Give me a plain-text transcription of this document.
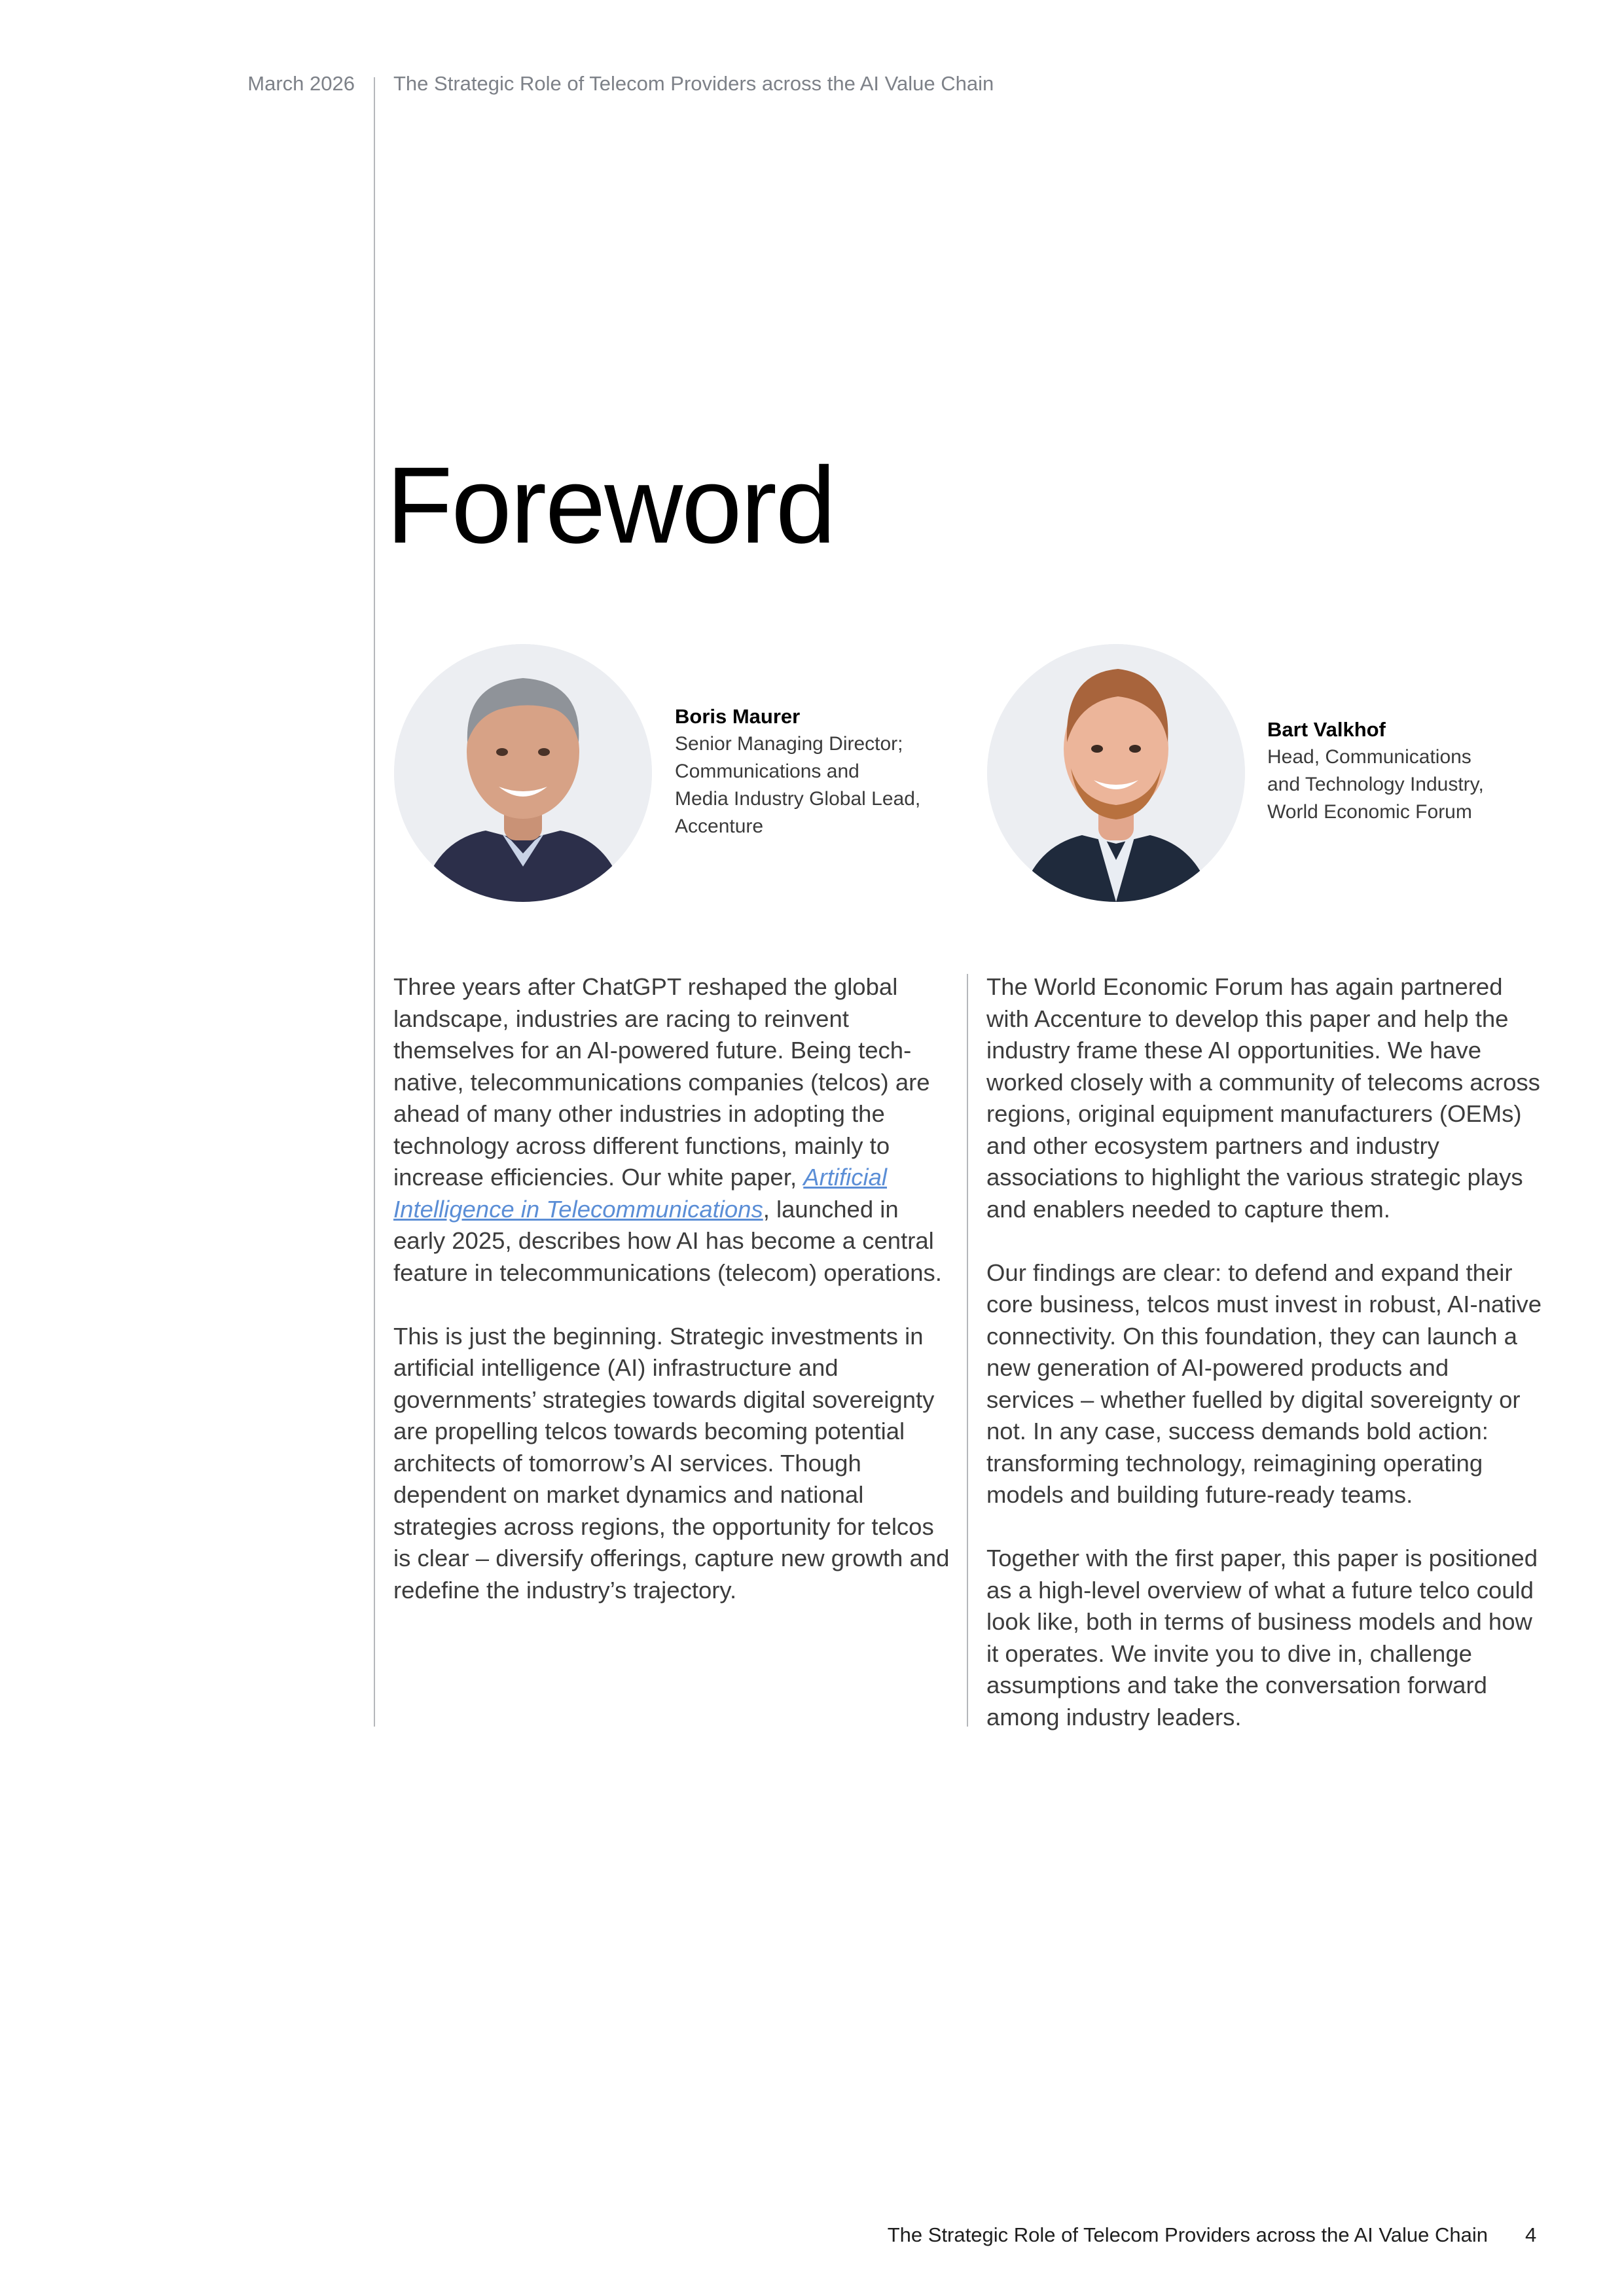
March 2026 The Strategic Role of Telecom Providers across the AI Value Chain
Foreword
Boris Maurer
Senior Managing Director;
Communications and
Media Industry Global Lead,
Accenture
Bart Valkhof
Head, Communications
and Technology Industry,
World Economic Forum

Three years after ChatGPT reshaped the global landscape, industries are racing to reinvent themselves for an AI-powered future. Being tech-native, telecommunications companies (telcos) are ahead of many other industries in adopting the technology across different functions, mainly to increase efficiencies. Our white paper, Artificial Intelligence in Telecommunications, launched in early 2025, describes how AI has become a central feature in telecommunications (telecom) operations.

This is just the beginning. Strategic investments in artificial intelligence (AI) infrastructure and governments’ strategies towards digital sovereignty are propelling telcos towards becoming potential architects of tomorrow’s AI services. Though dependent on market dynamics and national strategies across regions, the opportunity for telcos is clear – diversify offerings, capture new growth and redefine the industry’s trajectory.

The World Economic Forum has again partnered with Accenture to develop this paper and help the industry frame these AI opportunities. We have worked closely with a community of telecoms across regions, original equipment manufacturers (OEMs) and other ecosystem partners and industry associations to highlight the various strategic plays and enablers needed to capture them.

Our findings are clear: to defend and expand their core business, telcos must invest in robust, AI-native connectivity. On this foundation, they can launch a new generation of AI-powered products and services – whether fuelled by digital sovereignty or not. In any case, success demands bold action: transforming technology, reimagining operating models and building future-ready teams.

Together with the first paper, this paper is positioned as a high-level overview of what a future telco could look like, both in terms of business models and how it operates. We invite you to dive in, challenge assumptions and take the conversation forward among industry leaders.

The Strategic Role of Telecom Providers across the AI Value Chain 4
